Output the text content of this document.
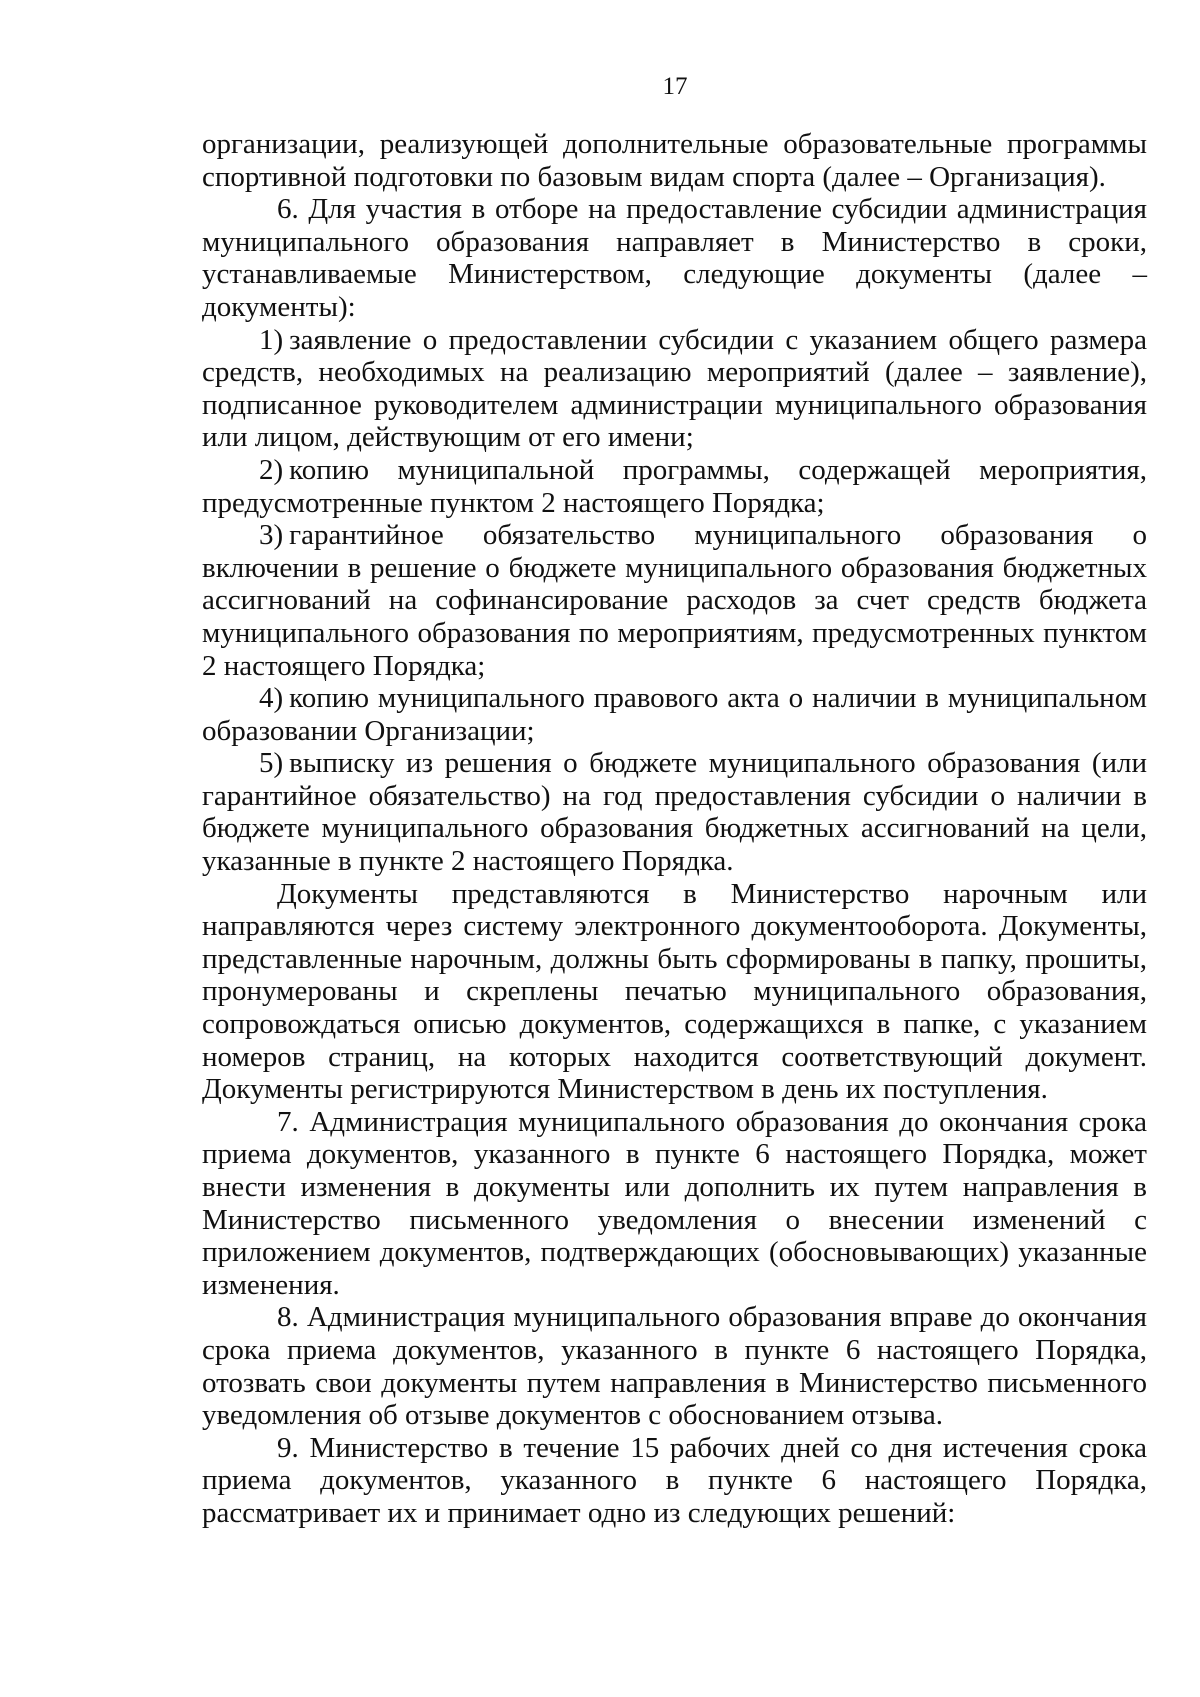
17

организации, реализующей дополнительные образовательные программы спортивной подготовки по базовым видам спорта (далее – Организация).

6. Для участия в отборе на предоставление субсидии администрация муниципального образования направляет в Министерство в сроки, устанавливаемые Министерством, следующие документы (далее – документы):

1) заявление о предоставлении субсидии с указанием общего размера средств, необходимых на реализацию мероприятий (далее – заявление), подписанное руководителем администрации муниципального образования или лицом, действующим от его имени;

2) копию муниципальной программы, содержащей мероприятия, предусмотренные пунктом 2 настоящего Порядка;

3) гарантийное обязательство муниципального образования о включении в решение о бюджете муниципального образования бюджетных ассигнований на софинансирование расходов за счет средств бюджета муниципального образования по мероприятиям, предусмотренных пунктом 2 настоящего Порядка;

4) копию муниципального правового акта о наличии в муниципальном образовании Организации;

5) выписку из решения о бюджете муниципального образования (или гарантийное обязательство) на год предоставления субсидии о наличии в бюджете муниципального образования бюджетных ассигнований на цели, указанные в пункте 2 настоящего Порядка.

Документы представляются в Министерство нарочным или направляются через систему электронного документооборота. Документы, представленные нарочным, должны быть сформированы в папку, прошиты, пронумерованы и скреплены печатью муниципального образования, сопровождаться описью документов, содержащихся в папке, с указанием номеров страниц, на которых находится соответствующий документ. Документы регистрируются Министерством в день их поступления.

7. Администрация муниципального образования до окончания срока приема документов, указанного в пункте 6 настоящего Порядка, может внести изменения в документы или дополнить их путем направления в Министерство письменного уведомления о внесении изменений с приложением документов, подтверждающих (обосновывающих) указанные изменения.

8. Администрация муниципального образования вправе до окончания срока приема документов, указанного в пункте 6 настоящего Порядка, отозвать свои документы путем направления в Министерство письменного уведомления об отзыве документов с обоснованием отзыва.

9. Министерство в течение 15 рабочих дней со дня истечения срока приема документов, указанного в пункте 6 настоящего Порядка, рассматривает их и принимает одно из следующих решений:
